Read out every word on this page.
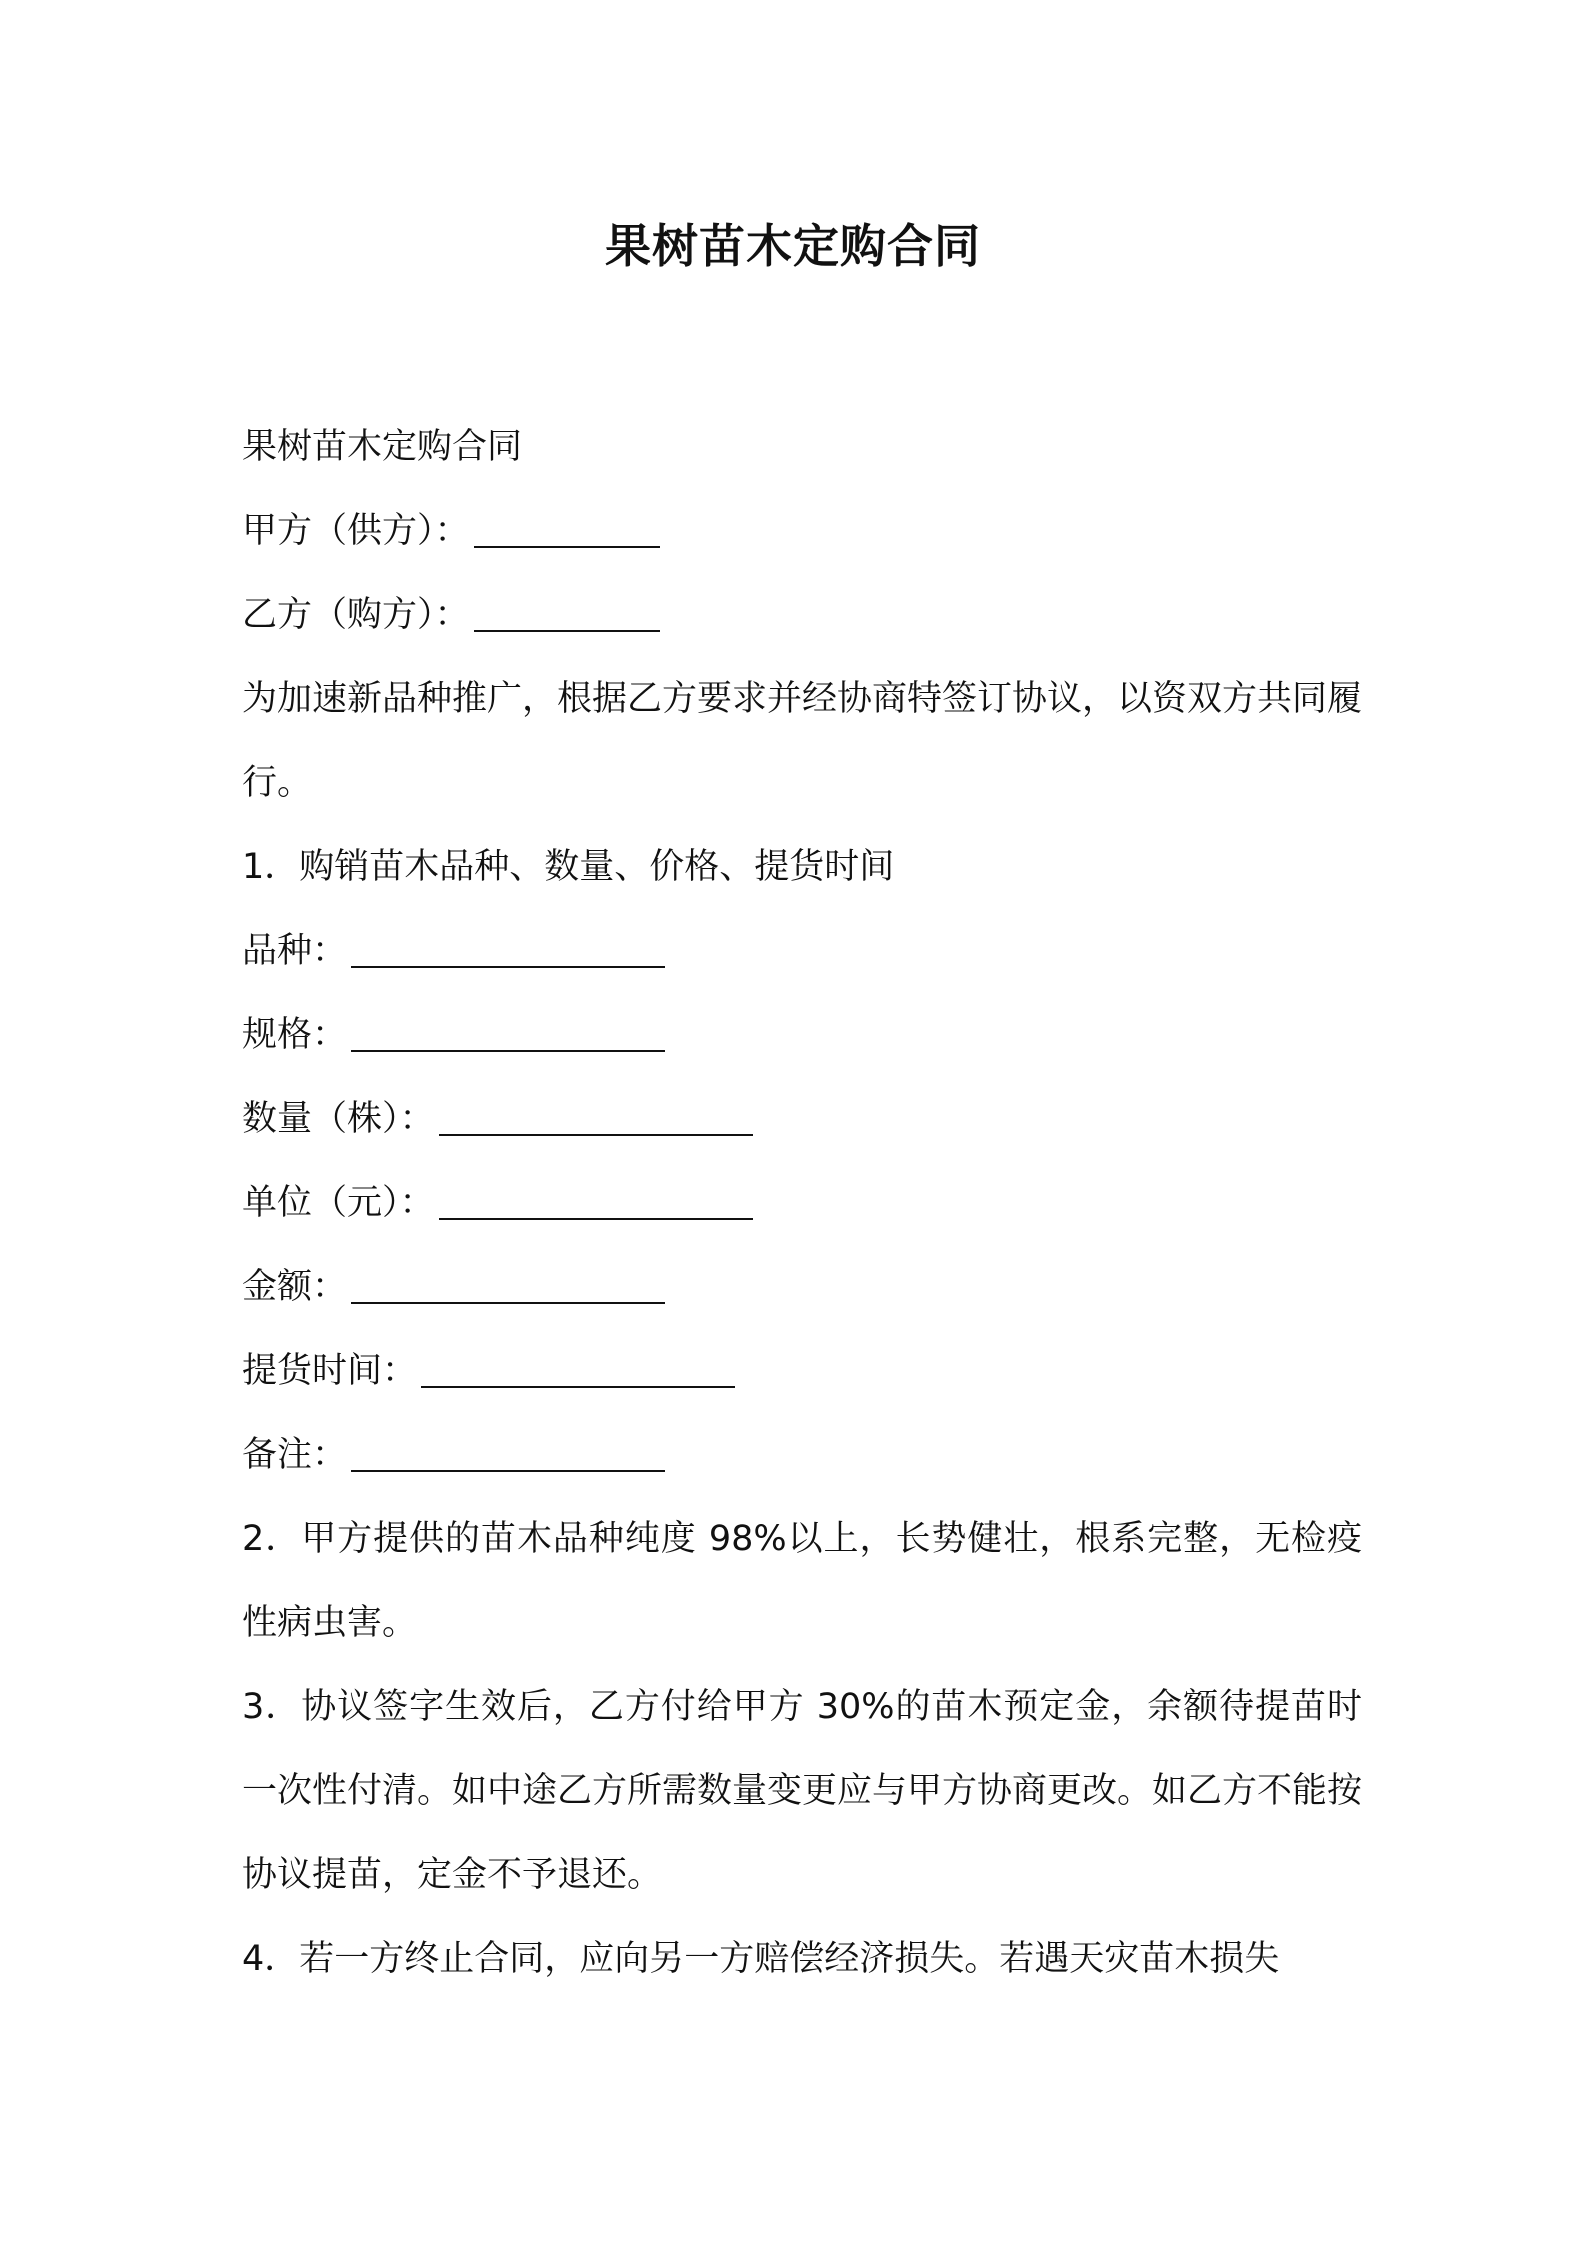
果树苗木定购合同
果树苗木定购合同
甲方（供方）：
乙方（购方）：
为加速新品种推广，根据乙方要求并经协商特签订协议，以资双方共同履行。
1．购销苗木品种、数量、价格、提货时间
品种：
规格：
数量（株）：
单位（元）：
金额：
提货时间：
备注：
2．甲方提供的苗木品种纯度 98%以上，长势健壮，根系完整，无检疫性病虫害。
3．协议签字生效后，乙方付给甲方 30%的苗木预定金，余额待提苗时一次性付清。如中途乙方所需数量变更应与甲方协商更改。如乙方不能按协议提苗，定金不予退还。
4．若一方终止合同，应向另一方赔偿经济损失。若遇天灾苗木损失
